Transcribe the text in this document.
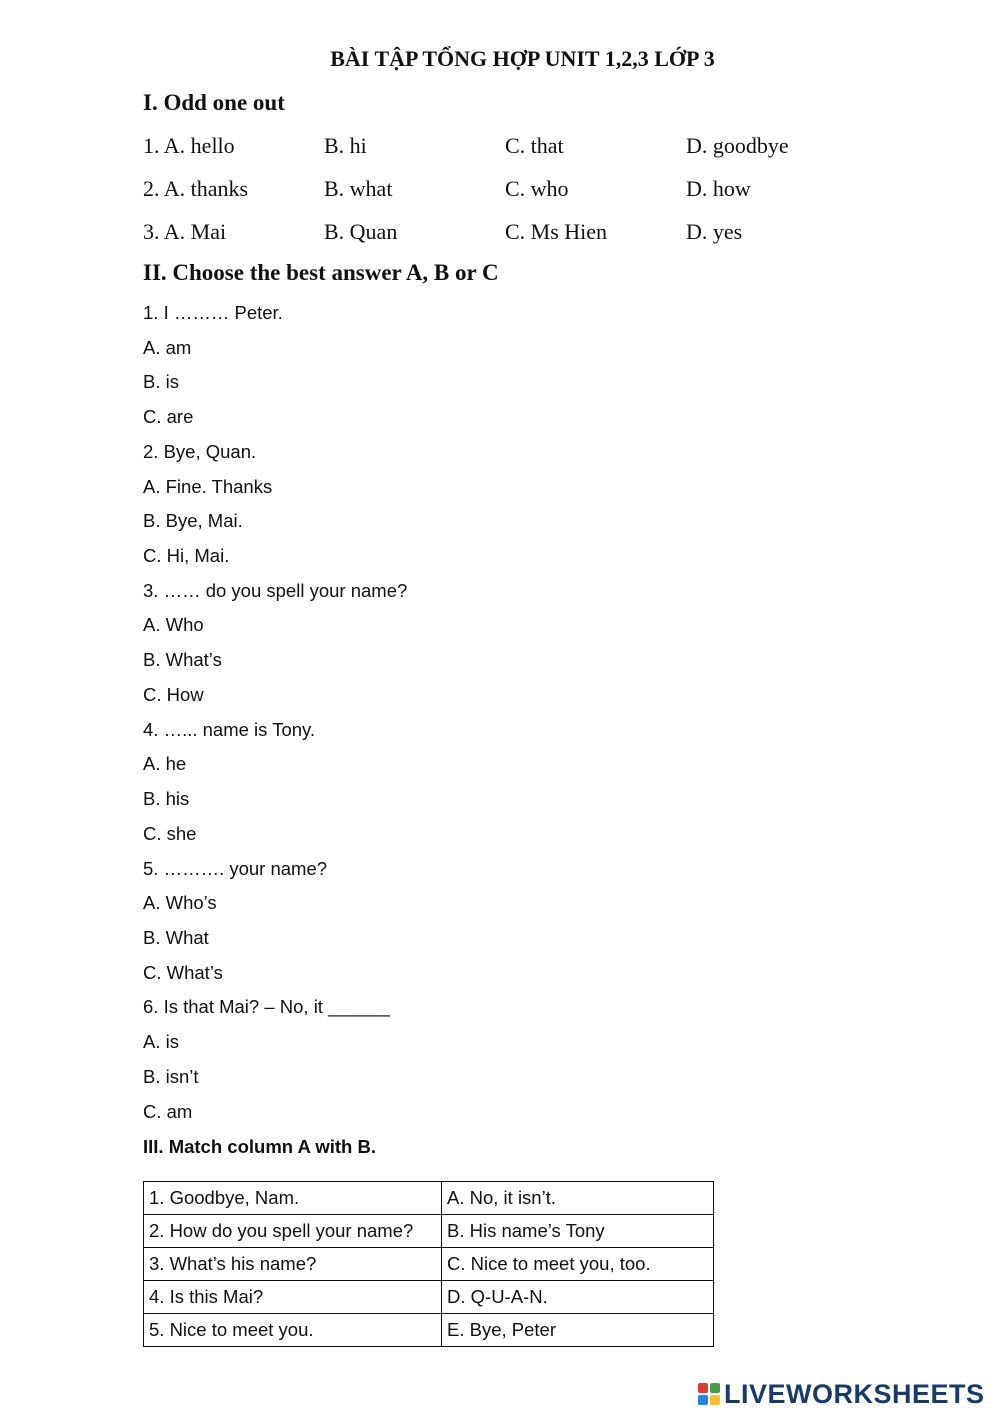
BÀI TẬP TỔNG HỢP UNIT 1,2,3 LỚP 3
I. Odd one out
1. A. hello	B. hi	C. that	D. goodbye
2. A. thanks	B. what	C. who	D. how
3. A. Mai	B. Quan	C. Ms Hien	D. yes
II. Choose the best answer A, B or C
1. I ……… Peter.
A. am
B. is
C. are
2. Bye, Quan.
A. Fine. Thanks
B. Bye, Mai.
C. Hi, Mai.
3. …… do you spell your name?
A. Who
B. What’s
C. How
4. …... name is Tony.
A. he
B. his
C. she
5. ………. your name?
A. Who’s
B. What
C. What’s
6. Is that Mai? – No, it ______
A. is
B. isn’t
C. am
III. Match column A with B.
1. Goodbye, Nam.	A. No, it isn’t.
2. How do you spell your name?	B. His name’s Tony
3. What’s his name?	C. Nice to meet you, too.
4. Is this Mai?	D. Q-U-A-N.
5. Nice to meet you.	E. Bye, Peter
LIVEWORKSHEETS
